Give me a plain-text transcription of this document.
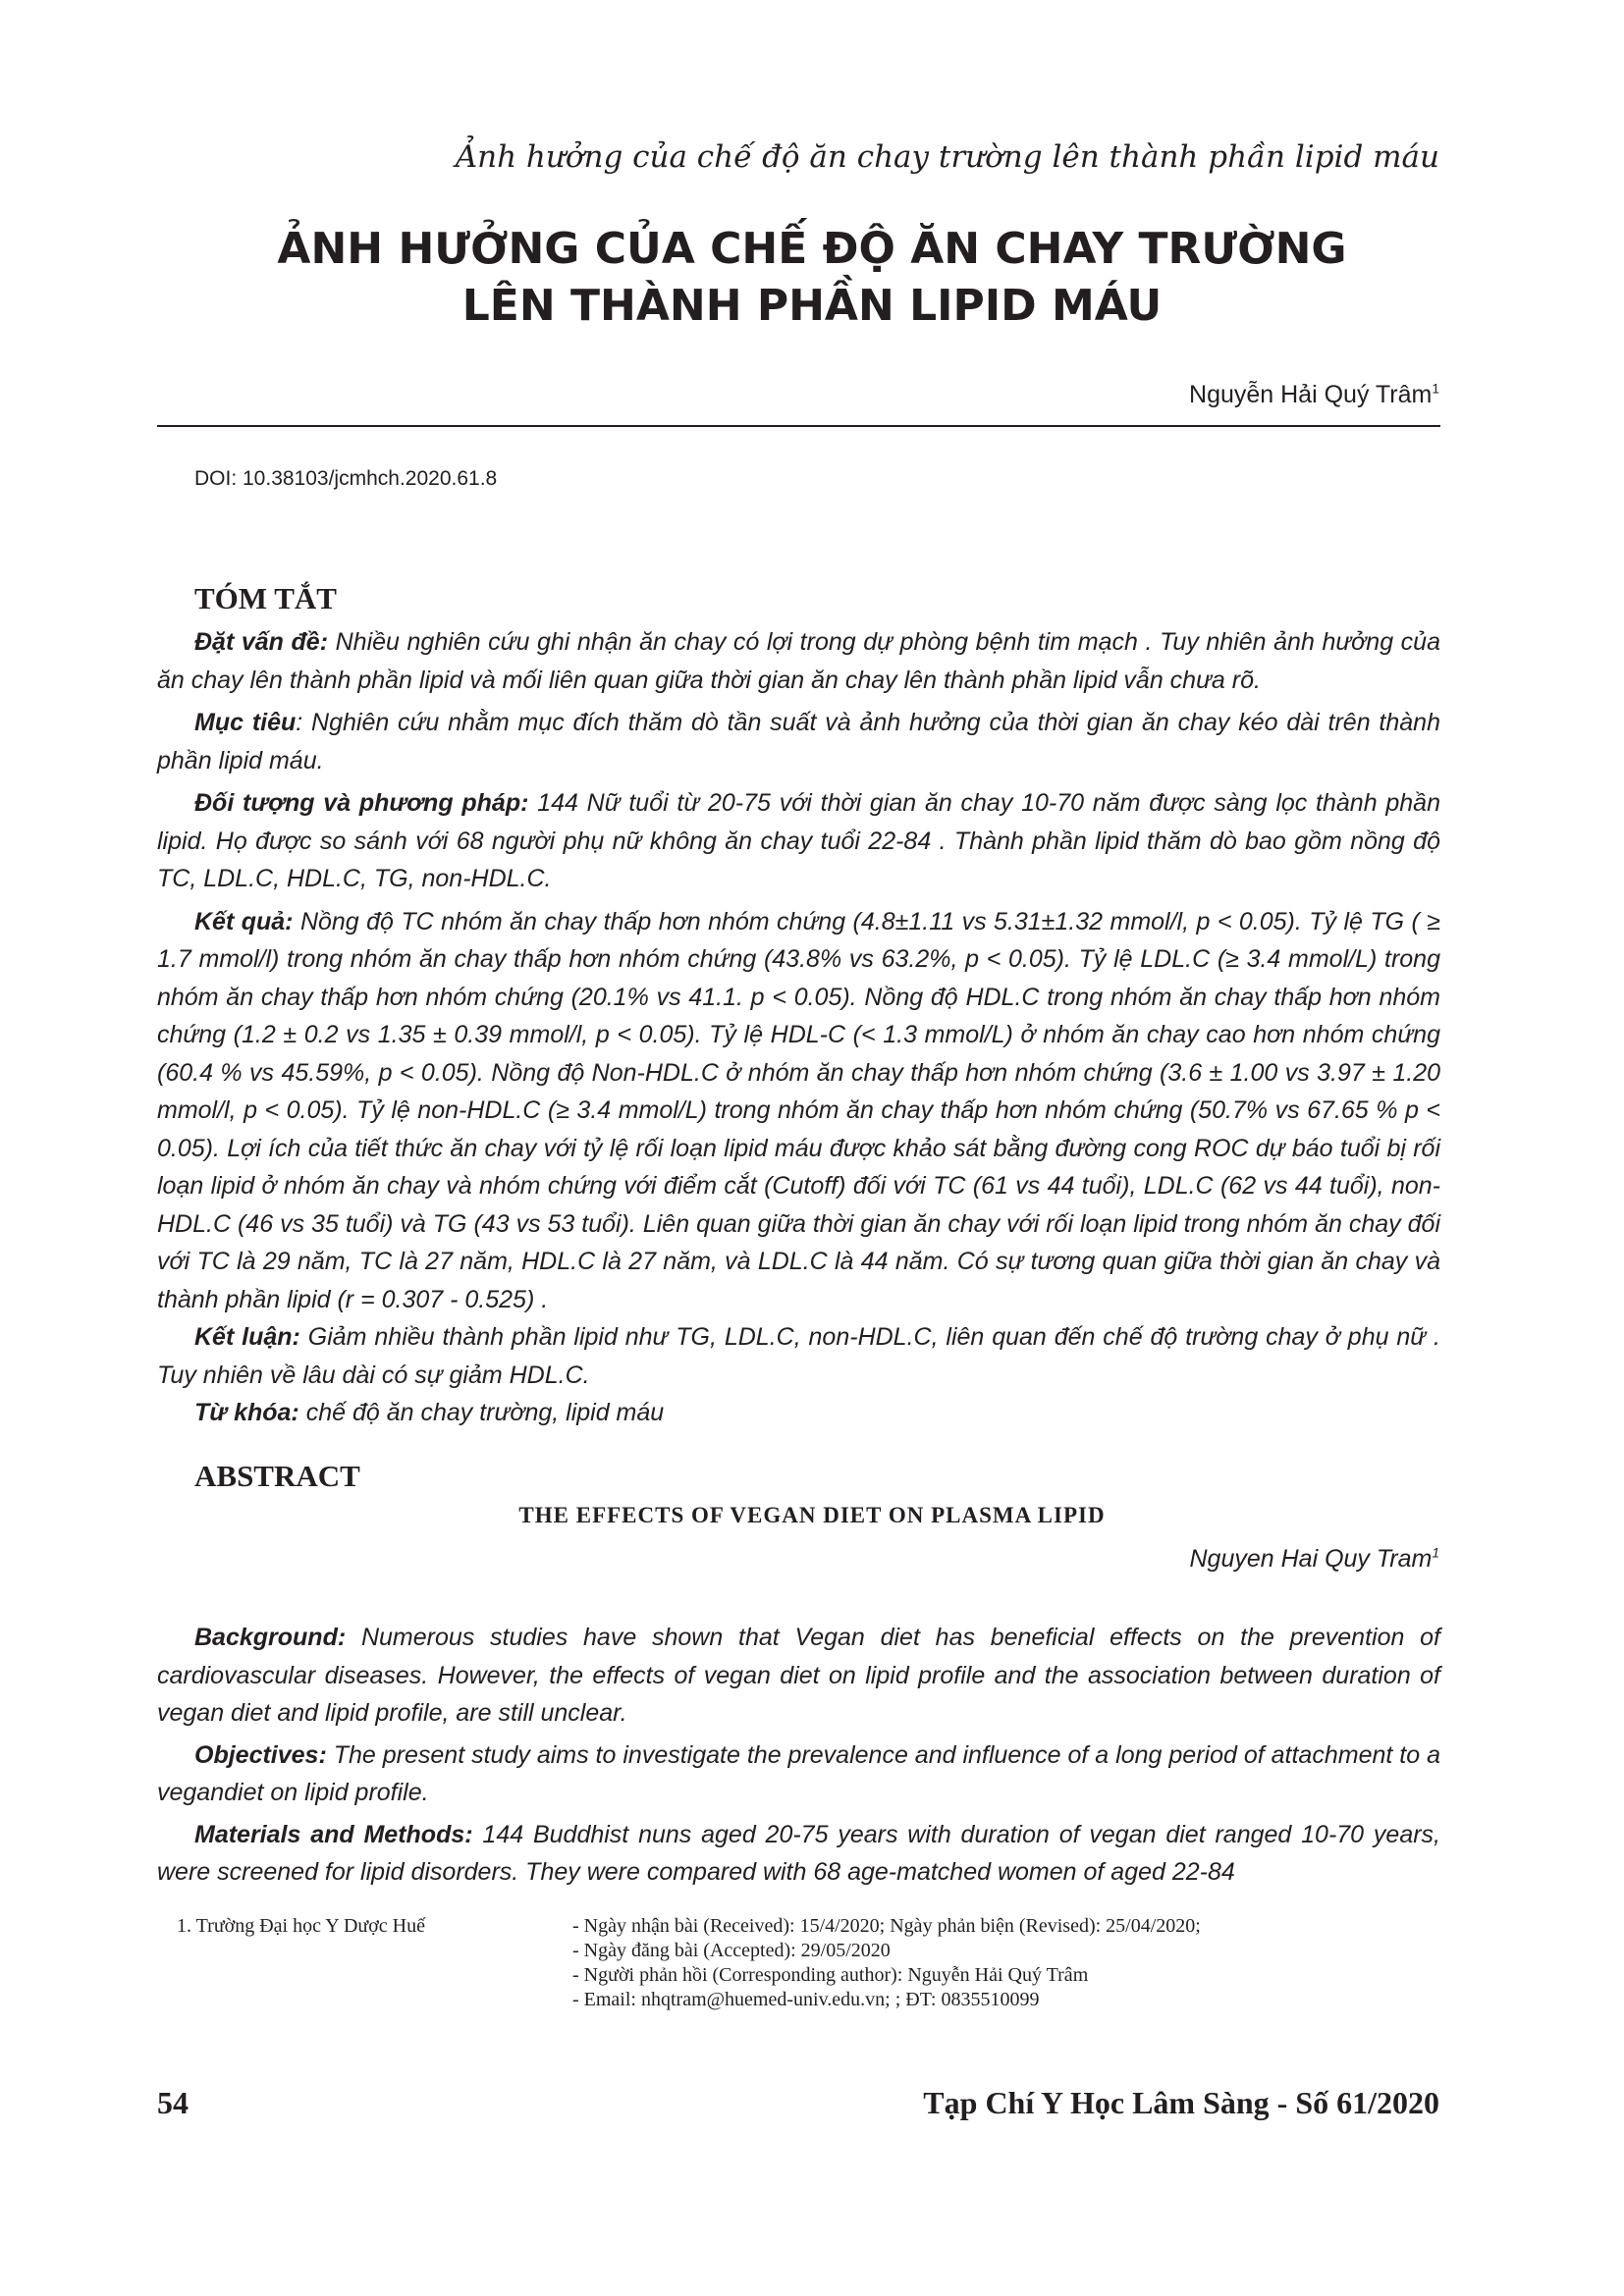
Ảnh hưởng của chế độ ăn chay trường lên thành phần lipid máu
ẢNH HƯỞNG CỦA CHẾ ĐỘ ĂN CHAY TRƯỜNG
LÊN THÀNH PHẦN LIPID MÁU
Nguyễn Hải Quý Trâm$^1$
DOI: 10.38103/jcmhch.2020.61.8
TÓM TẮT

Đặt vấn đề: Nhiều nghiên cứu ghi nhận ăn chay có lợi trong dự phòng bệnh tim mạch . Tuy nhiên ảnh hưởng của ăn chay lên thành phần lipid và mối liên quan giữa thời gian ăn chay lên thành phần lipid vẫn chưa rõ.

Mục tiêu: Nghiên cứu nhằm mục đích thăm dò tần suất và ảnh hưởng của thời gian ăn chay kéo dài trên thành phần lipid máu.

Đối tượng và phương pháp: 144 Nữ tuổi từ 20-75 với thời gian ăn chay 10-70 năm được sàng lọc thành phần lipid. Họ được so sánh với 68 người phụ nữ không ăn chay tuổi 22-84 . Thành phần lipid thăm dò bao gồm nồng độ TC, LDL.C, HDL.C, TG, non-HDL.C.

Kết quả: Nồng độ TC nhóm ăn chay thấp hơn nhóm chứng (4.8±1.11 vs 5.31±1.32 mmol/l, p < 0.05). Tỷ lệ TG ( ≥ 1.7 mmol/l) trong nhóm ăn chay thấp hơn nhóm chứng (43.8% vs 63.2%, p < 0.05). Tỷ lệ LDL.C (≥ 3.4 mmol/L) trong nhóm ăn chay thấp hơn nhóm chứng (20.1% vs 41.1. p < 0.05). Nồng độ HDL.C trong nhóm ăn chay thấp hơn nhóm chứng (1.2 ± 0.2 vs 1.35 ± 0.39 mmol/l, p < 0.05). Tỷ lệ HDL-C (< 1.3 mmol/L) ở nhóm ăn chay cao hơn nhóm chứng (60.4 % vs 45.59%, p < 0.05). Nồng độ Non-HDL.C ở nhóm ăn chay thấp hơn nhóm chứng (3.6 ± 1.00 vs 3.97 ± 1.20 mmol/l, p < 0.05). Tỷ lệ non-HDL.C (≥ 3.4 mmol/L) trong nhóm ăn chay thấp hơn nhóm chứng (50.7% vs 67.65 % p < 0.05). Lợi ích của tiết thức ăn chay với tỷ lệ rối loạn lipid máu được khảo sát bằng đường cong ROC dự báo tuổi bị rối loạn lipid ở nhóm ăn chay và nhóm chứng với điểm cắt (Cutoff) đối với TC (61 vs 44 tuổi), LDL.C (62 vs 44 tuổi), non-HDL.C (46 vs 35 tuổi) và TG (43 vs 53 tuổi). Liên quan giữa thời gian ăn chay với rối loạn lipid trong nhóm ăn chay đối với TC là 29 năm, TC là 27 năm, HDL.C là 27 năm, và LDL.C là 44 năm. Có sự tương quan giữa thời gian ăn chay và thành phần lipid (r = 0.307 - 0.525) .

Kết luận: Giảm nhiều thành phần lipid như TG, LDL.C, non-HDL.C, liên quan đến chế độ trường chay ở phụ nữ . Tuy nhiên về lâu dài có sự giảm HDL.C.

Từ khóa: chế độ ăn chay trường, lipid máu

ABSTRACT
THE EFFECTS OF VEGAN DIET ON PLASMA LIPID
Nguyen Hai Quy Tram$^1$

Background: Numerous studies have shown that Vegan diet has beneficial effects on the prevention of cardiovascular diseases. However, the effects of vegan diet on lipid profile and the association between duration of vegan diet and lipid profile, are still unclear.

Objectives: The present study aims to investigate the prevalence and influence of a long period of attachment to a vegandiet on lipid profile.

Materials and Methods: 144 Buddhist nuns aged 20-75 years with duration of vegan diet ranged 10-70 years, were screened for lipid disorders. They were compared with 68 age-matched women of aged 22-84

1. Trường Đại học Y Dược Huế	- Ngày nhận bài (Received): 15/4/2020; Ngày phản biện (Revised): 25/04/2020;
- Ngày đăng bài (Accepted): 29/05/2020
- Người phản hồi (Corresponding author): Nguyễn Hải Quý Trâm
- Email: nhqtram@huemed-univ.edu.vn; ; ĐT: 0835510099
54	Tạp Chí Y Học Lâm Sàng - Số 61/2020
